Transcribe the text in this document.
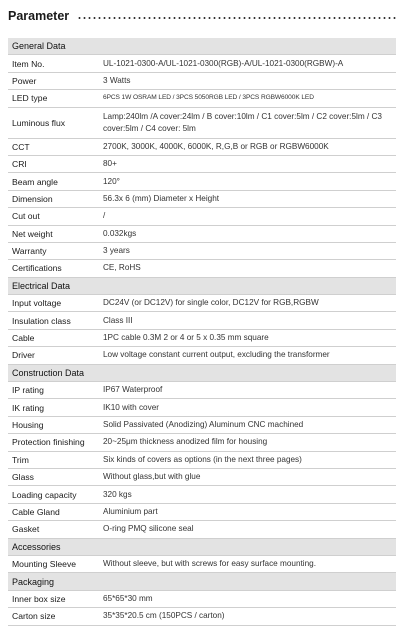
Parameter
General Data	
Item No.	UL-1021-0300-A/UL-1021-0300(RGB)-A/UL-1021-0300(RGBW)-A
Power	3 Watts
LED type	6PCS 1W OSRAM LED / 3PCS 5050RGB LED / 3PCS RGBW6000K LED
Luminous flux	Lamp:240lm /A cover:24lm / B cover:10lm / C1 cover:5lm / C2 cover:5lm / C3 cover:5lm / C4 cover: 5lm
CCT	2700K, 3000K, 4000K, 6000K, R,G,B or RGB or RGBW6000K
CRI	80+
Beam angle	120°
Dimension	56.3x 6 (mm) Diameter x Height
Cut out	/
Net weight	0.032kgs
Warranty	3 years
Certifications	CE, RoHS
Electrical Data	
Input voltage	DC24V (or DC12V) for single color, DC12V for RGB,RGBW
Insulation class	Class III
Cable	1PC cable 0.3M 2 or 4 or 5 x 0.35 mm square
Driver	Low voltage constant current output, excluding the transformer
Construction Data	
IP rating	IP67 Waterproof
IK rating	IK10 with cover
Housing	Solid Passivated (Anodizing) Aluminum CNC machined
Protection finishing	20~25μm thickness anodized film for housing
Trim	Six kinds of covers as options (in the next three pages)
Glass	Without glass,but with glue
Loading capacity	320 kgs
Cable Gland	Aluminium part
Gasket	O-ring PMQ silicone seal
Accessories	
Mounting Sleeve	Without sleeve, but with screws for easy surface mounting.
Packaging	
Inner box size	65*65*30 mm
Carton size	35*35*20.5 cm (150PCS / carton)
